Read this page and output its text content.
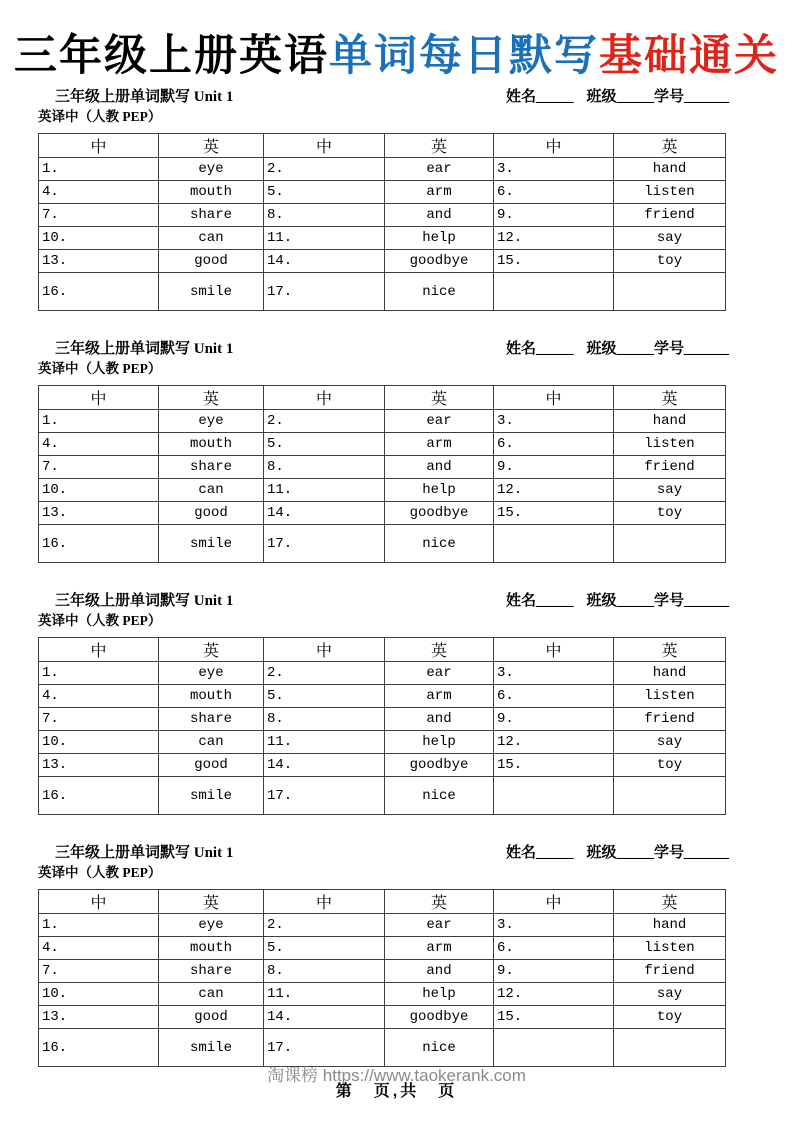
三年级上册英语单词每日默写基础通关
三年级上册单词默写 Unit 1	姓名_____ 班级_____学号______
英译中（人教 PEP）
中	英	中	英	中	英
1.	eye	2.	ear	3.	hand
4.	mouth	5.	arm	6.	listen
7.	share	8.	and	9.	friend
10.	can	11.	help	12.	say
13.	good	14.	goodbye	15.	toy
16.	smile	17.	nice		
三年级上册单词默写 Unit 1	姓名_____ 班级_____学号______
英译中（人教 PEP）
中	英	中	英	中	英
1.	eye	2.	ear	3.	hand
4.	mouth	5.	arm	6.	listen
7.	share	8.	and	9.	friend
10.	can	11.	help	12.	say
13.	good	14.	goodbye	15.	toy
16.	smile	17.	nice		
三年级上册单词默写 Unit 1	姓名_____ 班级_____学号______
英译中（人教 PEP）
中	英	中	英	中	英
1.	eye	2.	ear	3.	hand
4.	mouth	5.	arm	6.	listen
7.	share	8.	and	9.	friend
10.	can	11.	help	12.	say
13.	good	14.	goodbye	15.	toy
16.	smile	17.	nice		
三年级上册单词默写 Unit 1	姓名_____ 班级_____学号______
英译中（人教 PEP）
中	英	中	英	中	英
1.	eye	2.	ear	3.	hand
4.	mouth	5.	arm	6.	listen
7.	share	8.	and	9.	friend
10.	can	11.	help	12.	say
13.	good	14.	goodbye	15.	toy
16.	smile	17.	nice		
淘课榜 https://www.taokerank.com
第　页,共　页
